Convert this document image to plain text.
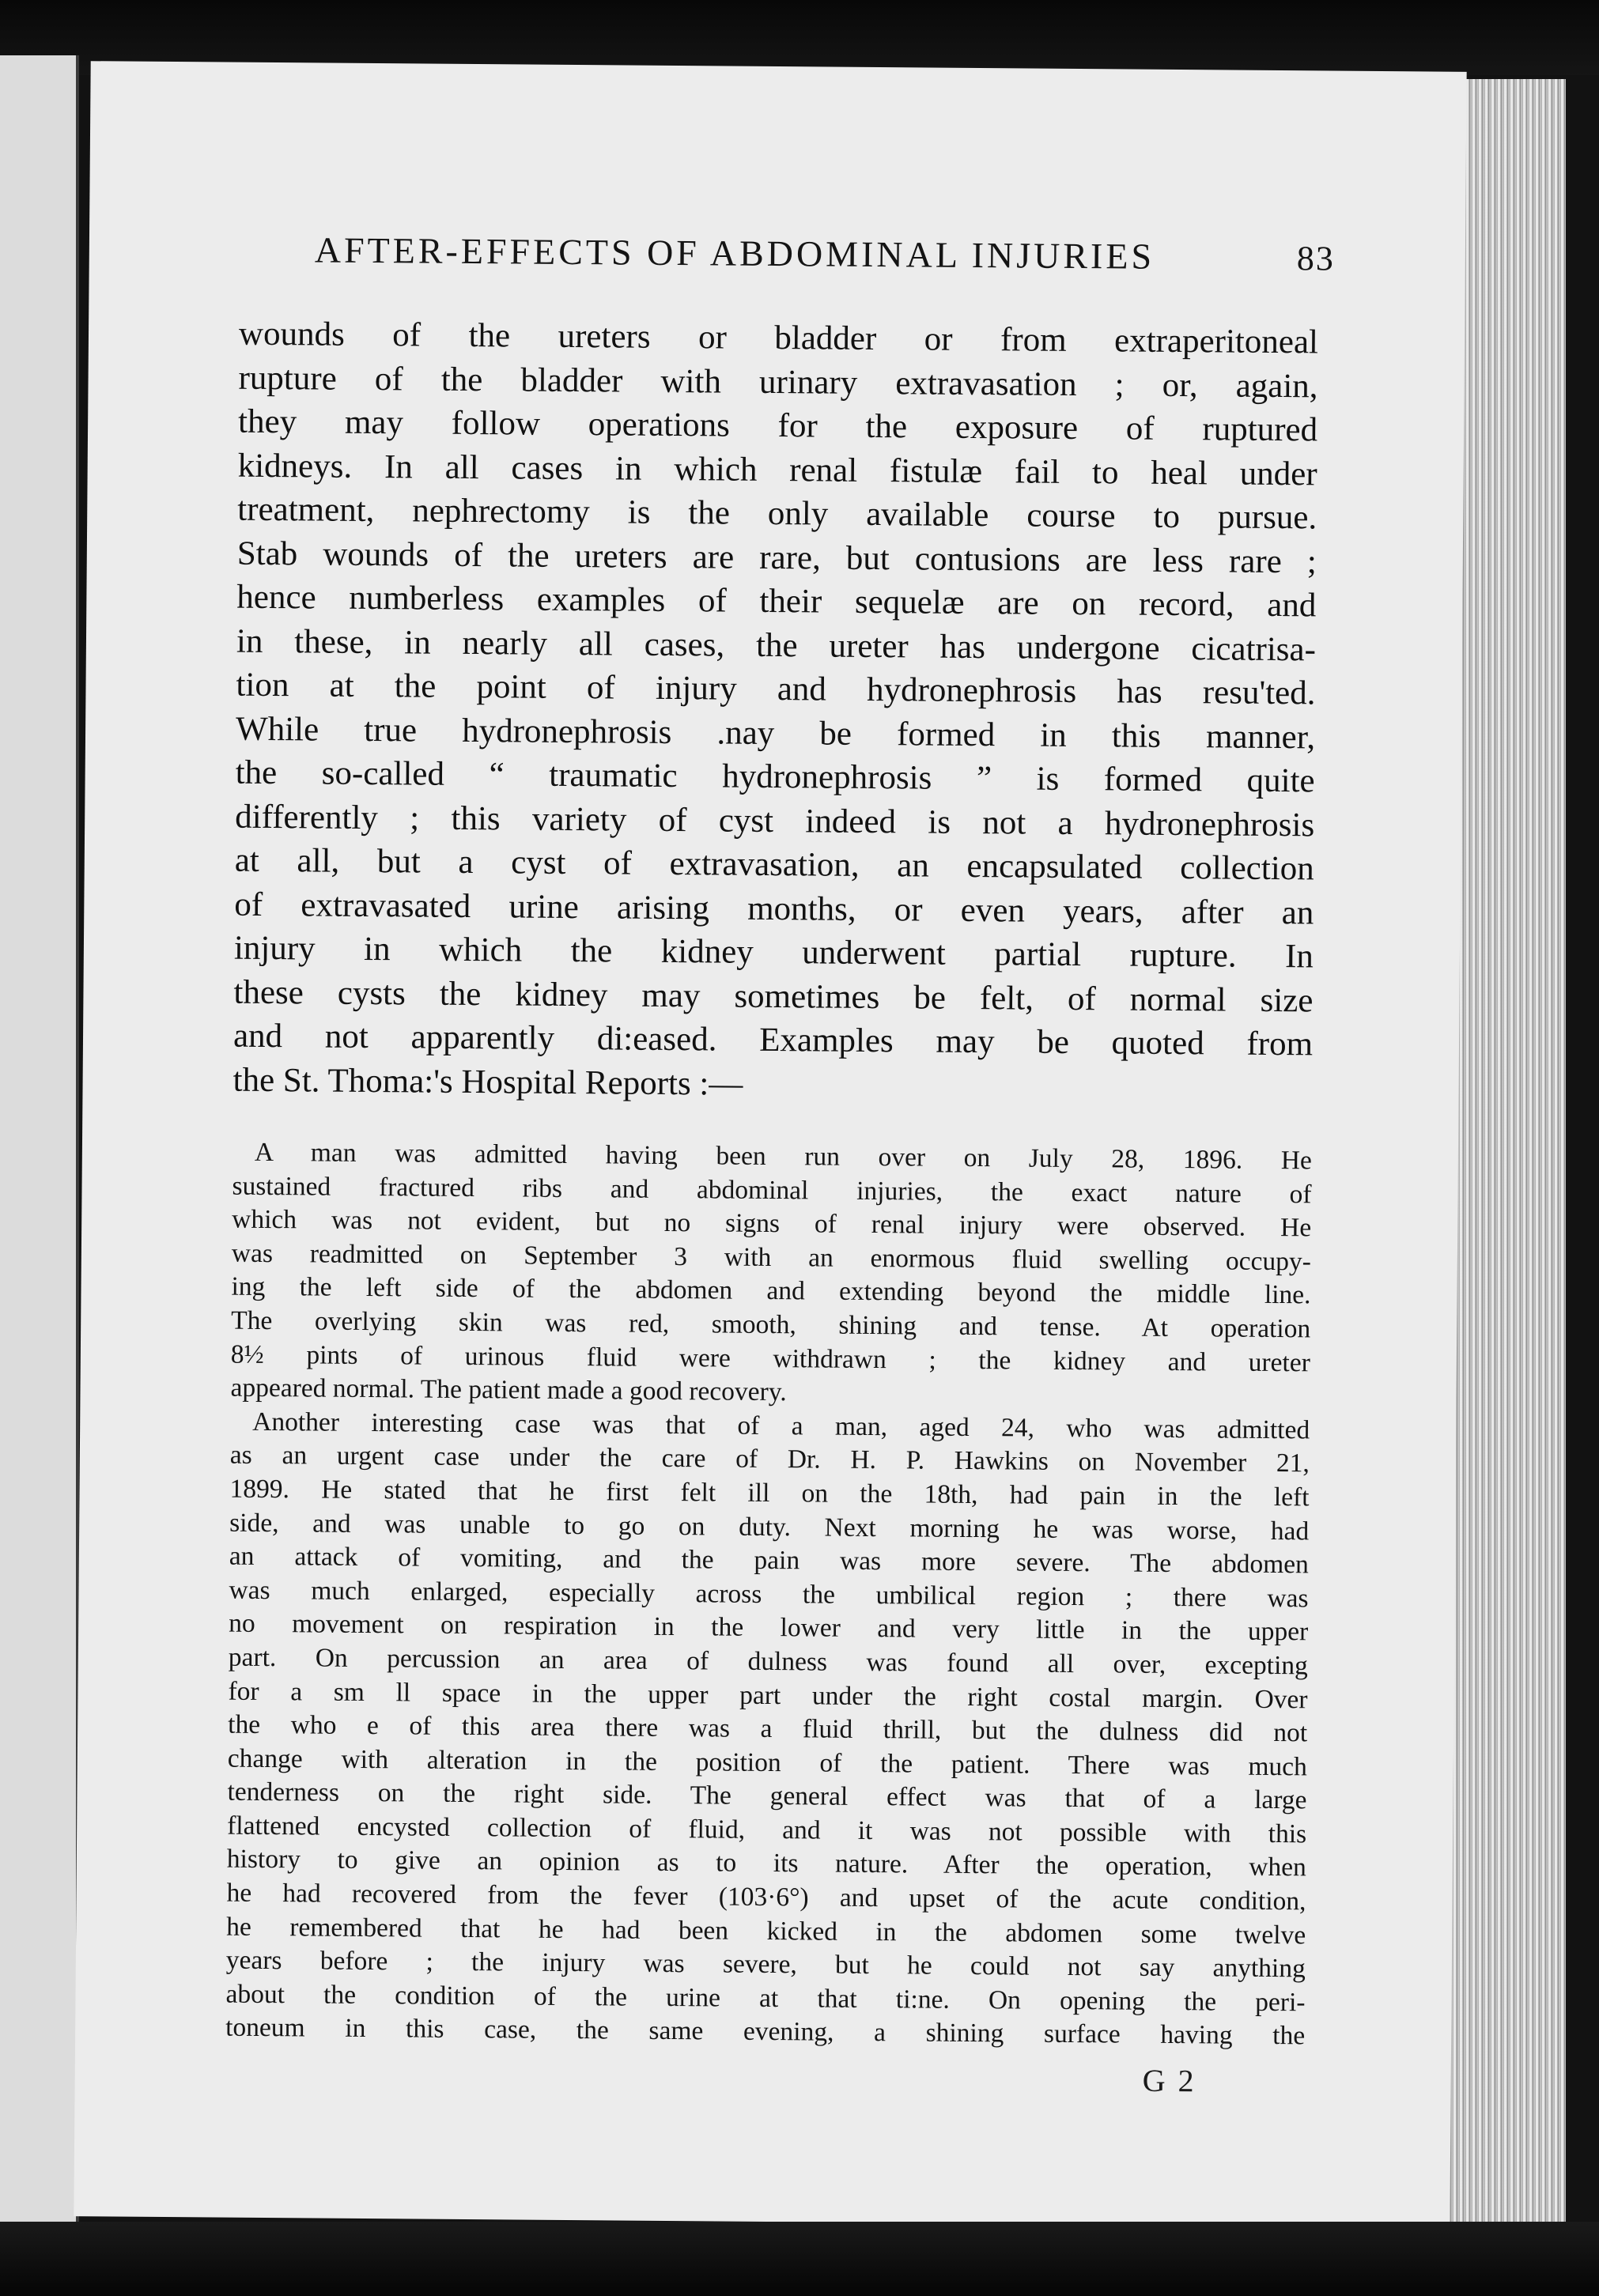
AFTER-EFFECTS OF ABDOMINAL INJURIES	83
wounds of the ureters or bladder or from extraperitoneal
rupture of the bladder with urinary extravasation ; or, again,
they may follow operations for the exposure of ruptured
kidneys. In all cases in which renal fistulæ fail to heal under
treatment, nephrectomy is the only available course to pursue.
Stab wounds of the ureters are rare, but contusions are less rare ;
hence numberless examples of their sequelæ are on record, and
in these, in nearly all cases, the ureter has undergone cicatrisa-
tion at the point of injury and hydronephrosis has resu'ted.
While true hydronephrosis .nay be formed in this manner,
the so-called “ traumatic hydronephrosis ” is formed quite
differently ; this variety of cyst indeed is not a hydronephrosis
at all, but a cyst of extravasation, an encapsulated collection
of extravasated urine arising months, or even years, after an
injury in which the kidney underwent partial rupture. In
these cysts the kidney may sometimes be felt, of normal size
and not apparently di:eased. Examples may be quoted from
the St. Thoma:'s Hospital Reports :—
A man was admitted having been run over on July 28, 1896. He
sustained fractured ribs and abdominal injuries, the exact nature of
which was not evident, but no signs of renal injury were observed. He
was readmitted on September 3 with an enormous fluid swelling occupy-
ing the left side of the abdomen and extending beyond the middle line.
The overlying skin was red, smooth, shining and tense. At operation
8½ pints of urinous fluid were withdrawn ; the kidney and ureter
appeared normal. The patient made a good recovery.
Another interesting case was that of a man, aged 24, who was admitted
as an urgent case under the care of Dr. H. P. Hawkins on November 21,
1899. He stated that he first felt ill on the 18th, had pain in the left
side, and was unable to go on duty. Next morning he was worse, had
an attack of vomiting, and the pain was more severe. The abdomen
was much enlarged, especially across the umbilical region ; there was
no movement on respiration in the lower and very little in the upper
part. On percussion an area of dulness was found all over, excepting
for a sm ll space in the upper part under the right costal margin. Over
the who e of this area there was a fluid thrill, but the dulness did not
change with alteration in the position of the patient. There was much
tenderness on the right side. The general effect was that of a large
flattened encysted collection of fluid, and it was not possible with this
history to give an opinion as to its nature. After the operation, when
he had recovered from the fever (103·6°) and upset of the acute condition,
he remembered that he had been kicked in the abdomen some twelve
years before ; the injury was severe, but he could not say anything
about the condition of the urine at that ti:ne. On opening the peri-
toneum in this case, the same evening, a shining surface having the
G 2
